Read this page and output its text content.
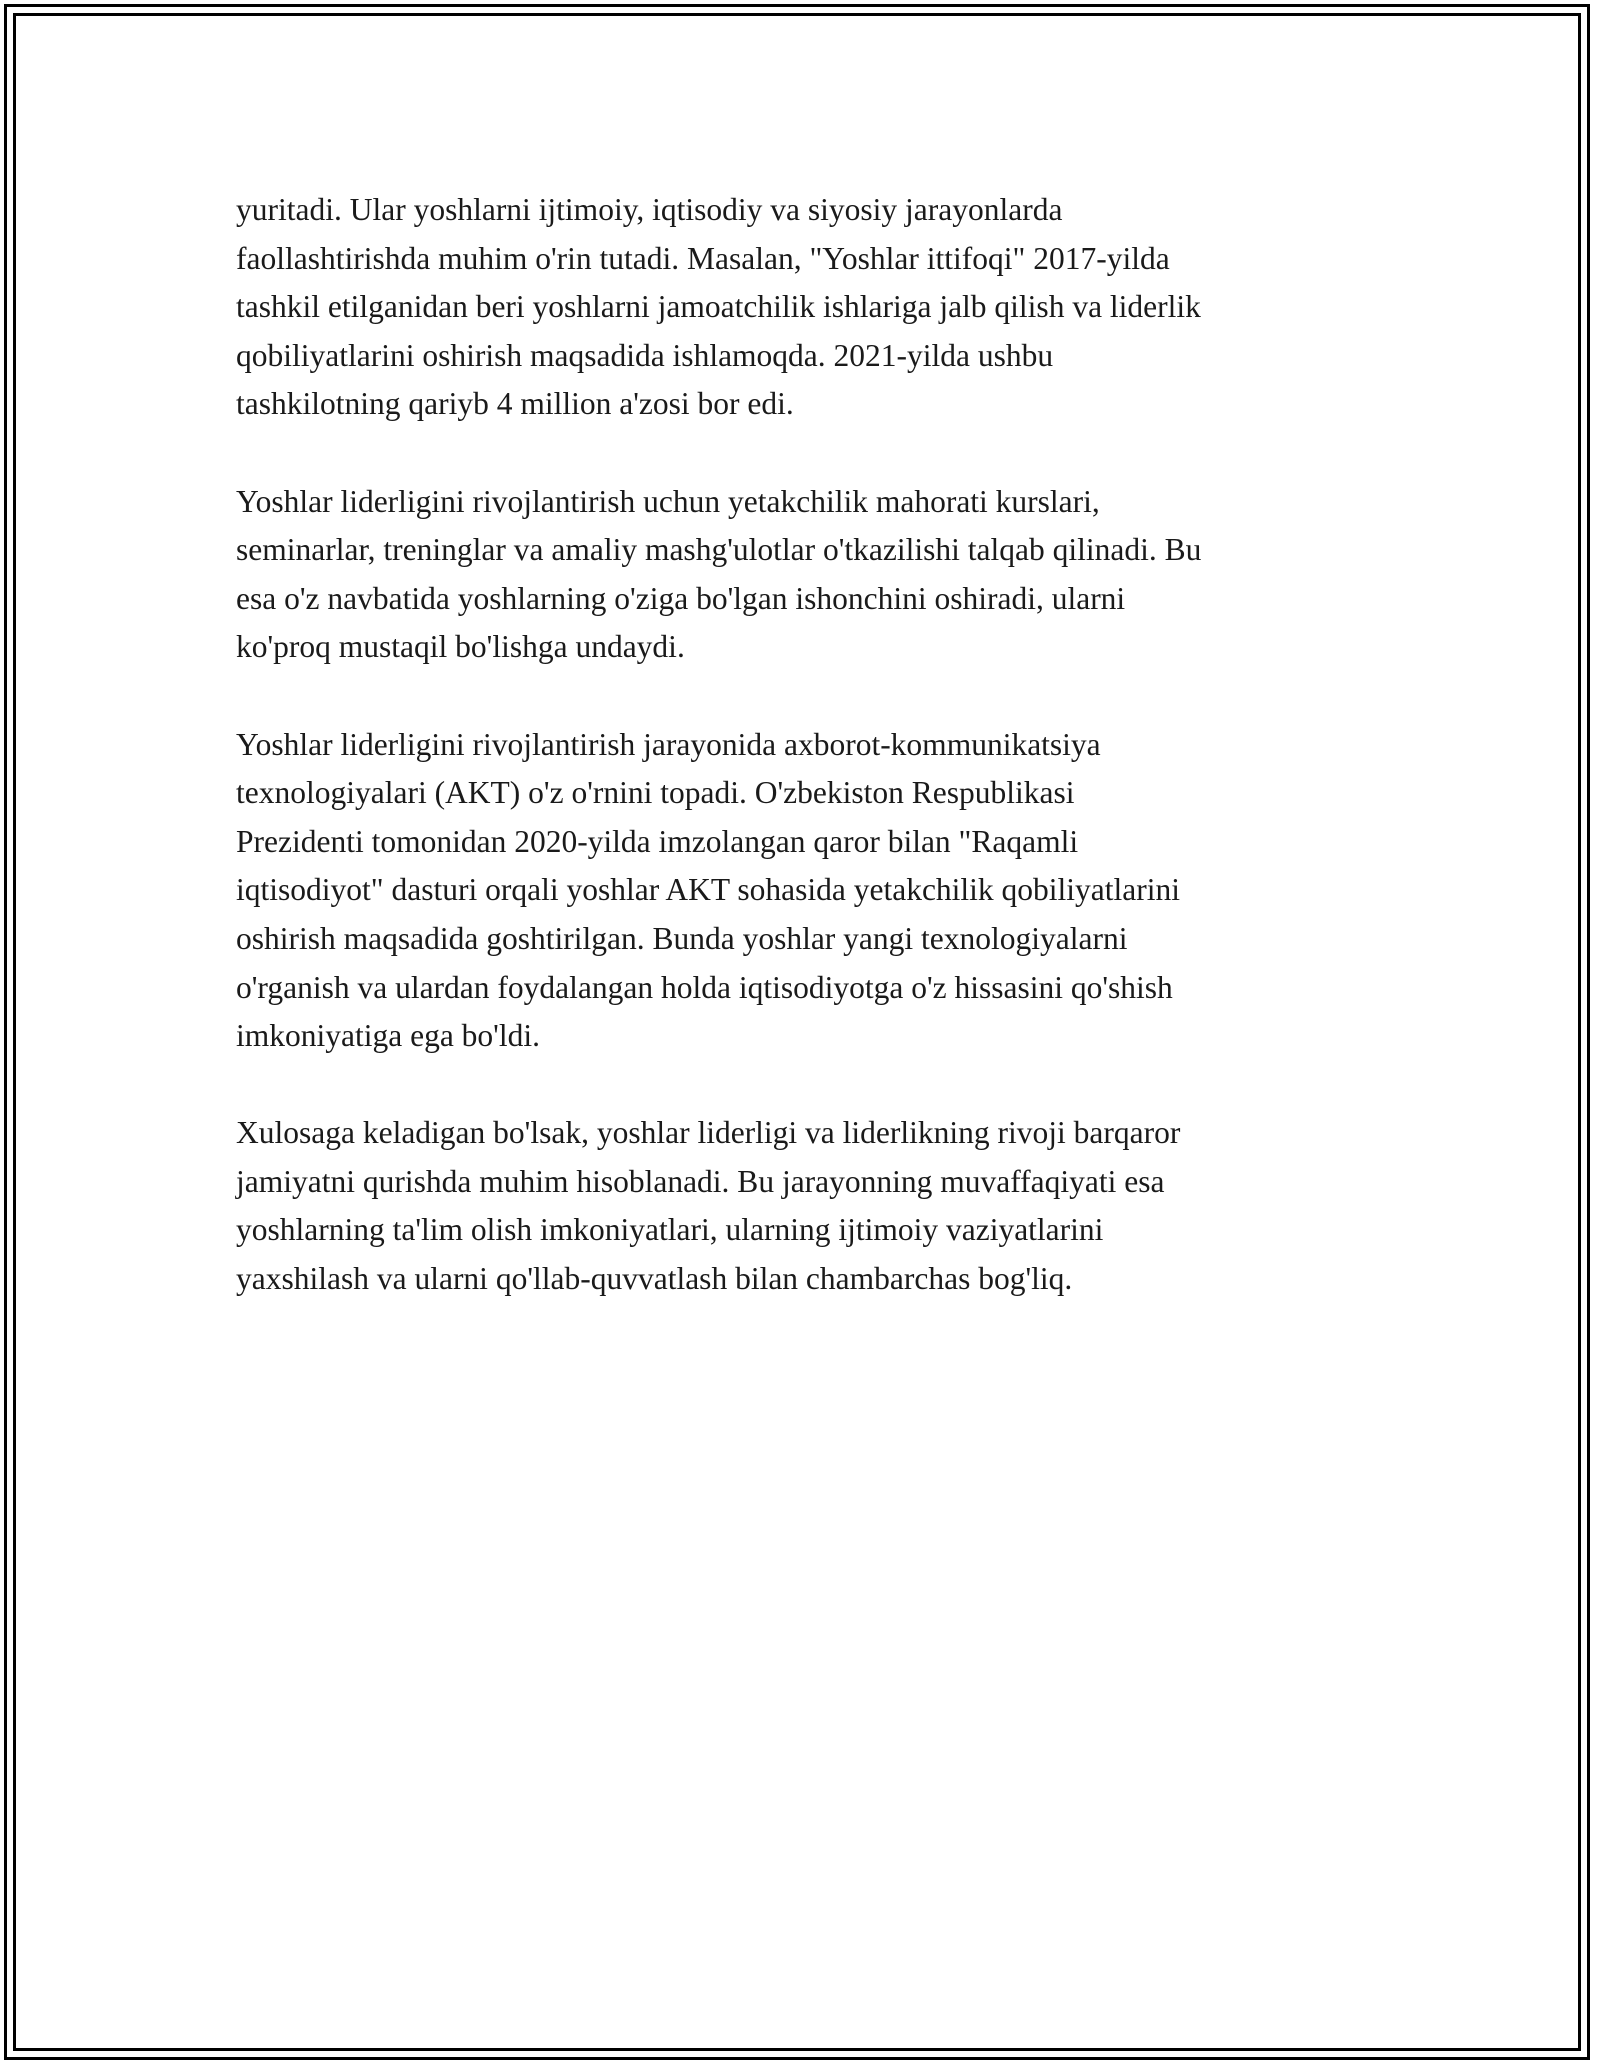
yuritadi. Ular yoshlarni ijtimoiy, iqtisodiy va siyosiy jarayonlarda
faollashtirishda muhim o'rin tutadi. Masalan, "Yoshlar ittifoqi" 2017-yilda
tashkil etilganidan beri yoshlarni jamoatchilik ishlariga jalb qilish va liderlik
qobiliyatlarini oshirish maqsadida ishlamoqda. 2021-yilda ushbu
tashkilotning qariyb 4 million a'zosi bor edi.

Yoshlar liderligini rivojlantirish uchun yetakchilik mahorati kurslari,
seminarlar, treninglar va amaliy mashg'ulotlar o'tkazilishi talqab qilinadi. Bu
esa o'z navbatida yoshlarning o'ziga bo'lgan ishonchini oshiradi, ularni
ko'proq mustaqil bo'lishga undaydi.

Yoshlar liderligini rivojlantirish jarayonida axborot-kommunikatsiya
texnologiyalari (AKT) o'z o'rnini topadi. O'zbekiston Respublikasi
Prezidenti tomonidan 2020-yilda imzolangan qaror bilan "Raqamli
iqtisodiyot" dasturi orqali yoshlar AKT sohasida yetakchilik qobiliyatlarini
oshirish maqsadida goshtirilgan. Bunda yoshlar yangi texnologiyalarni
o'rganish va ulardan foydalangan holda iqtisodiyotga o'z hissasini qo'shish
imkoniyatiga ega bo'ldi.

Xulosaga keladigan bo'lsak, yoshlar liderligi va liderlikning rivoji barqaror
jamiyatni qurishda muhim hisoblanadi. Bu jarayonning muvaffaqiyati esa
yoshlarning ta'lim olish imkoniyatlari, ularning ijtimoiy vaziyatlarini
yaxshilash va ularni qo'llab-quvvatlash bilan chambarchas bog'liq.
